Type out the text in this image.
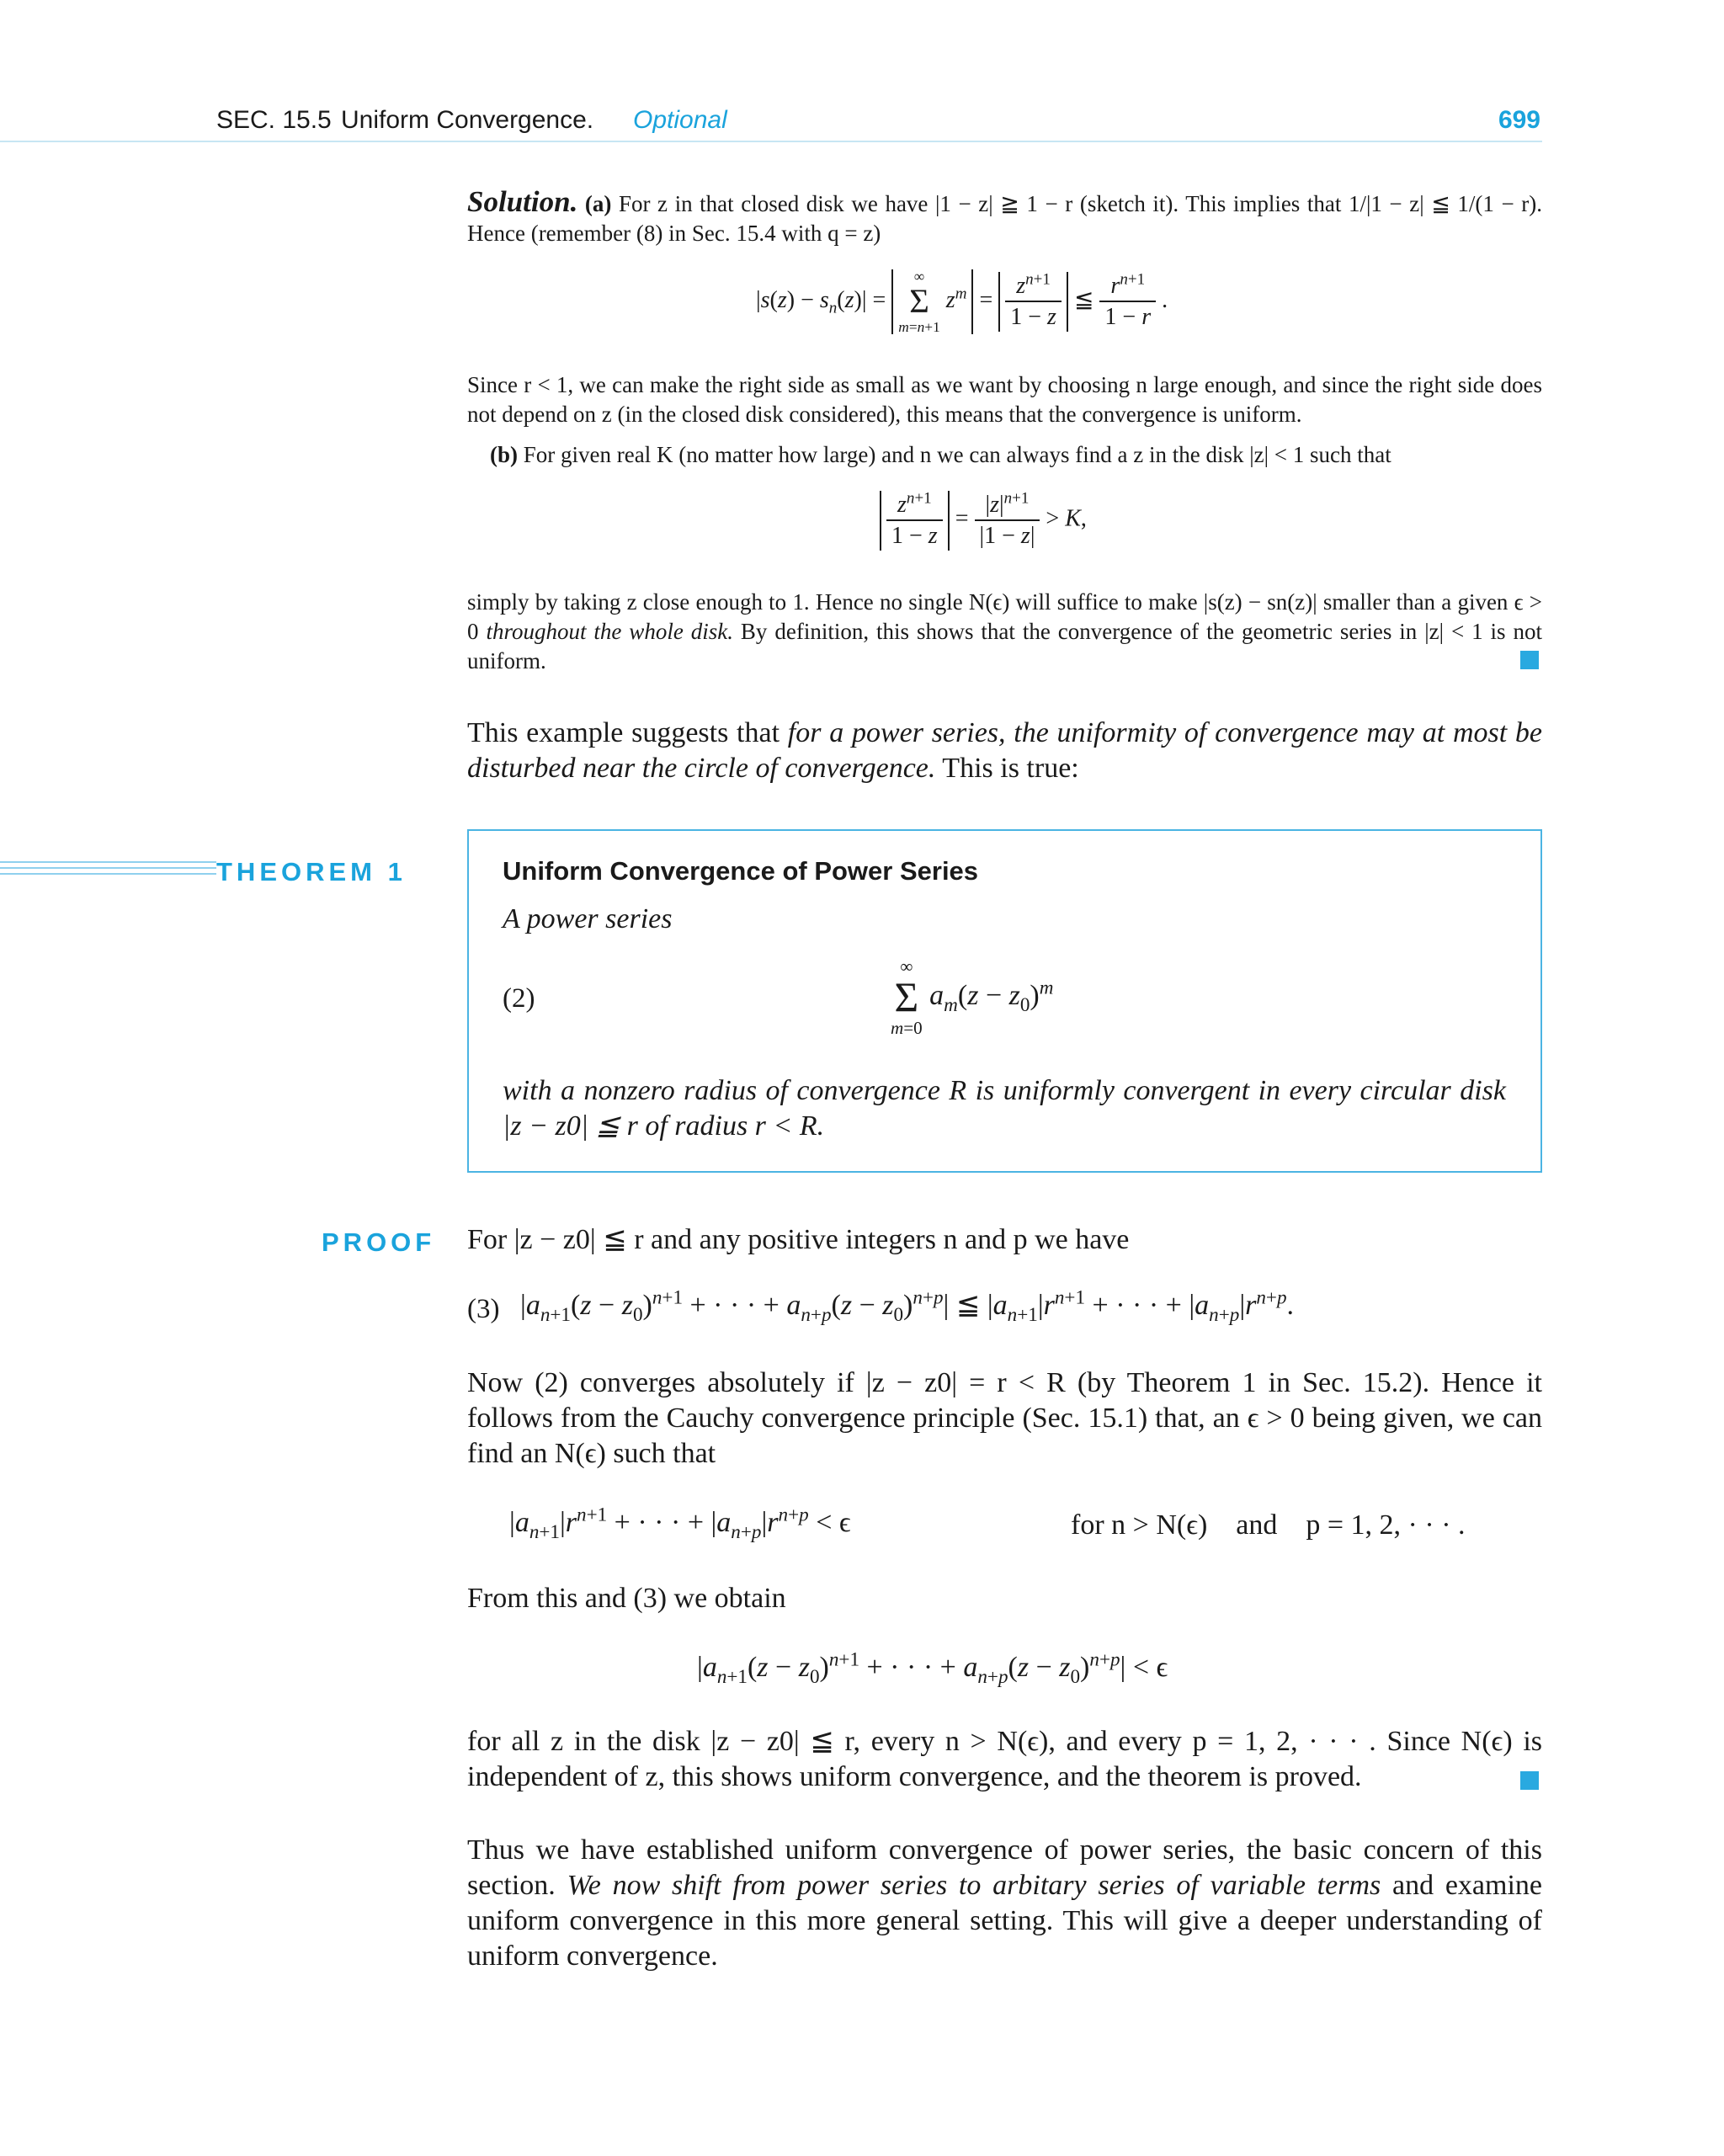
SEC. 15.5 Uniform Convergence. Optional	699
Solution. (a) For z in that closed disk we have |1 − z| ≧ 1 − r (sketch it). This implies that 1/|1 − z| ≦ 1/(1 − r). Hence (remember (8) in Sec. 15.4 with q = z)
$|s(z) - s_n(z)|$ =
∞
Σ
m=n+1
$z^m = \frac{z^{n+1}}{1 - z}$ ≦ $\frac{r^{n+1}}{1 - r}$ .
Since r < 1, we can make the right side as small as we want by choosing n large enough, and since the right side does not depend on z (in the closed disk considered), this means that the convergence is uniform.
(b) For given real K (no matter how large) and n we can always find a z in the disk |z| < 1 such that
$\frac{z^{n+1}}{1 - z} = \frac{|z|^{n+1}}{|1 - z|} > K$,
simply by taking z close enough to 1. Hence no single N(ϵ) will suffice to make |s(z) − sn(z)| smaller than a given ϵ > 0 throughout the whole disk. By definition, this shows that the convergence of the geometric series in |z| < 1 is not uniform.
This example suggests that for a power series, the uniformity of convergence may at most be disturbed near the circle of convergence. This is true:
THEOREM 1	Uniform Convergence of Power Series
A power series
(2)
∞
Σ
m=0
$a_m(z - z_0)^m$
with a nonzero radius of convergence R is uniformly convergent in every circular disk |z − z0| ≦ r of radius r < R.
PROOF For |z − z0| ≦ r and any positive integers n and p we have
(3) $|a_{n+1}(z - z_0)^{n+1}$ + · · · + $a_{n+p}(z - z_0)^{n+p}|$ ≦ $|a_{n+1}|r^{n+1}$ + · · · + $|a_{n+p}|r^{n+p}$.
Now (2) converges absolutely if |z − z0| = r < R (by Theorem 1 in Sec. 15.2). Hence it follows from the Cauchy convergence principle (Sec. 15.1) that, an ϵ > 0 being given, we can find an N(ϵ) such that
$|a_{n+1}|r^{n+1}$ + · · · + $|a_{n+p}|r^{n+p} < \epsilon$	for n > N(ϵ)    and    p = 1, 2, · · · .
From this and (3) we obtain
$|a_{n+1}(z - z_0)^{n+1}$ + · · · + $a_{n+p}(z - z_0)^{n+p}| < \epsilon$
for all z in the disk |z − z0| ≦ r, every n > N(ϵ), and every p = 1, 2, · · · . Since N(ϵ) is independent of z, this shows uniform convergence, and the theorem is proved.
Thus we have established uniform convergence of power series, the basic concern of this section. We now shift from power series to arbitary series of variable terms and examine uniform convergence in this more general setting. This will give a deeper understanding of uniform convergence.
